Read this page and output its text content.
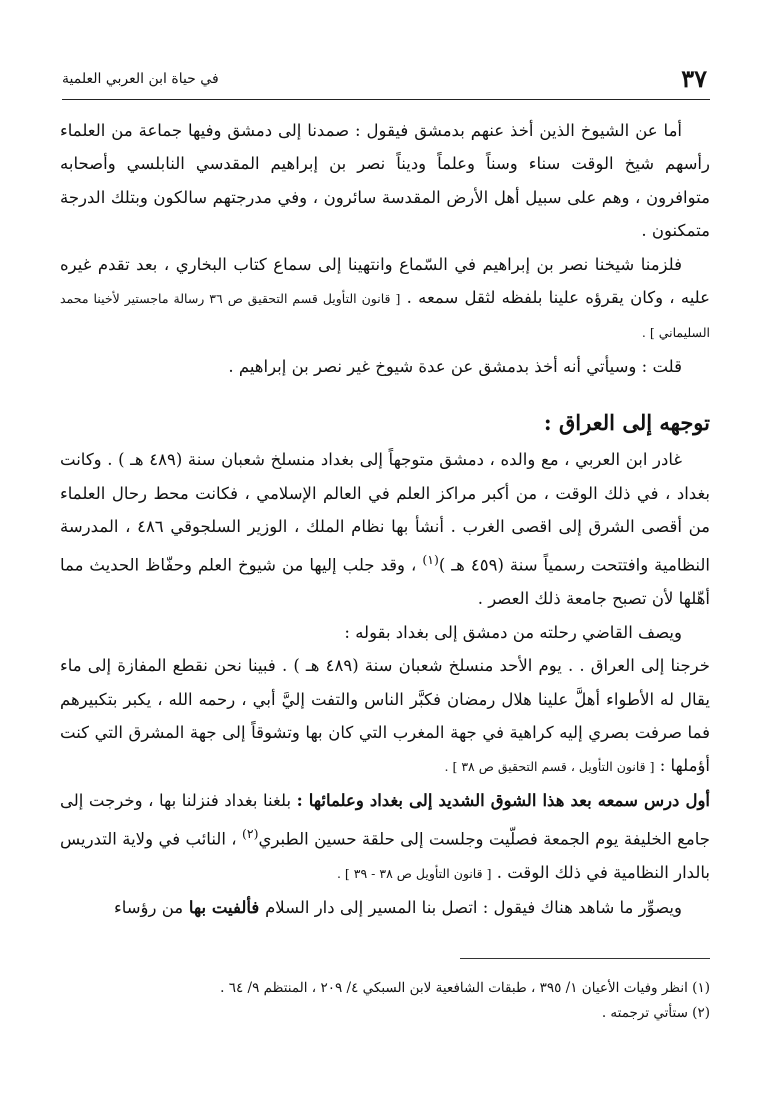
٣٧
في حياة ابن العربي العلمية

أما عن الشيوخ الذين أخذ عنهم بدمشق فيقول : صمدنا إلى دمشق وفيها جماعة من العلماء رأسهم شيخ الوقت سناء وسناً وعلماً وديناً نصر بن إبراهيم المقدسي النابلسي وأصحابه متوافرون ، وهم على سبيل أهل الأرض المقدسة سائرون ، وفي مدرجتهم سالكون وبتلك الدرجة متمكنون .

فلزمنا شيخنا نصر بن إبراهيم في السّماع وانتهينا إلى سماع كتاب البخاري ، بعد تقدم غيره عليه ، وكان يقرؤه علينا بلفظه لثقل سمعه . [ قانون التأويل قسم التحقيق ص ٣٦ رسالة ماجستير لأخينا محمد السليماني ] .

قلت : وسيأتي أنه أخذ بدمشق عن عدة شيوخ غير نصر بن إبراهيم .

توجهه إلى العراق :

غادر ابن العربي ، مع والده ، دمشق متوجهاً إلى بغداد منسلخ شعبان سنة (٤٨٩ هـ ) . وكانت بغداد ، في ذلك الوقت ، من أكبر مراكز العلم في العالم الإسلامي ، فكانت محط رحال العلماء من أقصى الشرق إلى اقصى الغرب . أنشأ بها نظام الملك ، الوزير السلجوقي ٤٨٦ ، المدرسة النظامية وافتتحت رسمياً سنة (٤٥٩ هـ )$^{(١)}$ ، وقد جلب إليها من شيوخ العلم وحفّاظ الحديث مما أهّلها لأن تصبح جامعة ذلك العصر .

ويصف القاضي رحلته من دمشق إلى بغداد بقوله :

خرجنا إلى العراق . . يوم الأحد منسلخ شعبان سنة (٤٨٩ هـ ) . فبينا نحن نقطع المفازة إلى ماء يقال له الأطواء أهلَّ علينا هلال رمضان فكبَّر الناس والتفت إليَّ أبي ، رحمه الله ، يكبر بتكبيرهم فما صرفت بصري إليه كراهية في جهة المغرب التي كان بها وتشوقاً إلى جهة المشرق التي كنت أؤملها : [ قانون التأويل ، قسم التحقيق ص ٣٨ ] .

أول درس سمعه بعد هذا الشوق الشديد إلى بغداد وعلمائها : بلغنا بغداد فنزلنا بها ، وخرجت إلى جامع الخليفة يوم الجمعة فصلّيت وجلست إلى حلقة حسين الطبري$^{(٢)}$ ، النائب في ولاية التدريس بالدار النظامية في ذلك الوقت . [ قانون التأويل ص ٣٨ - ٣٩ ] .

ويصوِّر ما شاهد هناك فيقول : اتصل بنا المسير إلى دار السلام فألفيت بها من رؤساء

(١) انظر وفيات الأعيان ١/ ٣٩٥ ، طبقات الشافعية لابن السبكي ٤/ ٢٠٩ ، المنتظم ٩/ ٦٤ .

(٢) ستأتي ترجمته .
